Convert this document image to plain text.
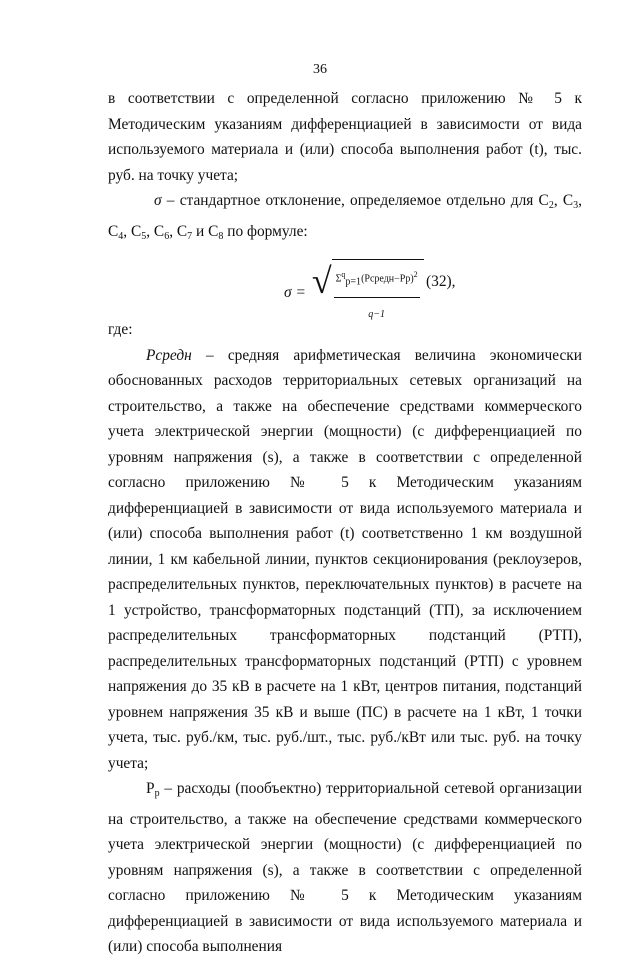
36

в соответствии с определенной согласно приложению № 5 к Методическим указаниям дифференциацией в зависимости от вида используемого материала и (или) способа выполнения работ (t), тыс. руб. на точку учета;

σ – стандартное отклонение, определяемое отдельно для $C_2$, $C_3$, $C_4$, $C_5$, $C_6$, $C_7$ и $C_8$ по формуле:

σ = √ $\frac{\Sigma^q_{p=1}(Pсредн-Pp)^2}{q-1} (32)$,

где:

Pсредн – средняя арифметическая величина экономически обоснованных расходов территориальных сетевых организаций на строительство, а также на обеспечение средствами коммерческого учета электрической энергии (мощности) (с дифференциацией по уровням напряжения (s), а также в соответствии с определенной согласно приложению № 5 к Методическим указаниям дифференциацией в зависимости от вида используемого материала и (или) способа выполнения работ (t) соответственно 1 км воздушной линии, 1 км кабельной линии, пунктов секционирования (реклоузеров, распределительных пунктов, переключательных пунктов) в расчете на 1 устройство, трансформаторных подстанций (ТП), за исключением распределительных трансформаторных подстанций (РТП), распределительных трансформаторных подстанций (РТП) с уровнем напряжения до 35 кВ в расчете на 1 кВт, центров питания, подстанций уровнем напряжения 35 кВ и выше (ПС) в расчете на 1 кВт, 1 точки учета, тыс. руб./км, тыс. руб./шт., тыс. руб./кВт или тыс. руб. на точку учета;

$P_p$ – расходы (пообъектно) территориальной сетевой организации на строительство, а также на обеспечение средствами коммерческого учета электрической энергии (мощности) (с дифференциацией по уровням напряжения (s), а также в соответствии с определенной согласно приложению № 5 к Методическим указаниям дифференциацией в зависимости от вида используемого материала и (или) способа выполнения
